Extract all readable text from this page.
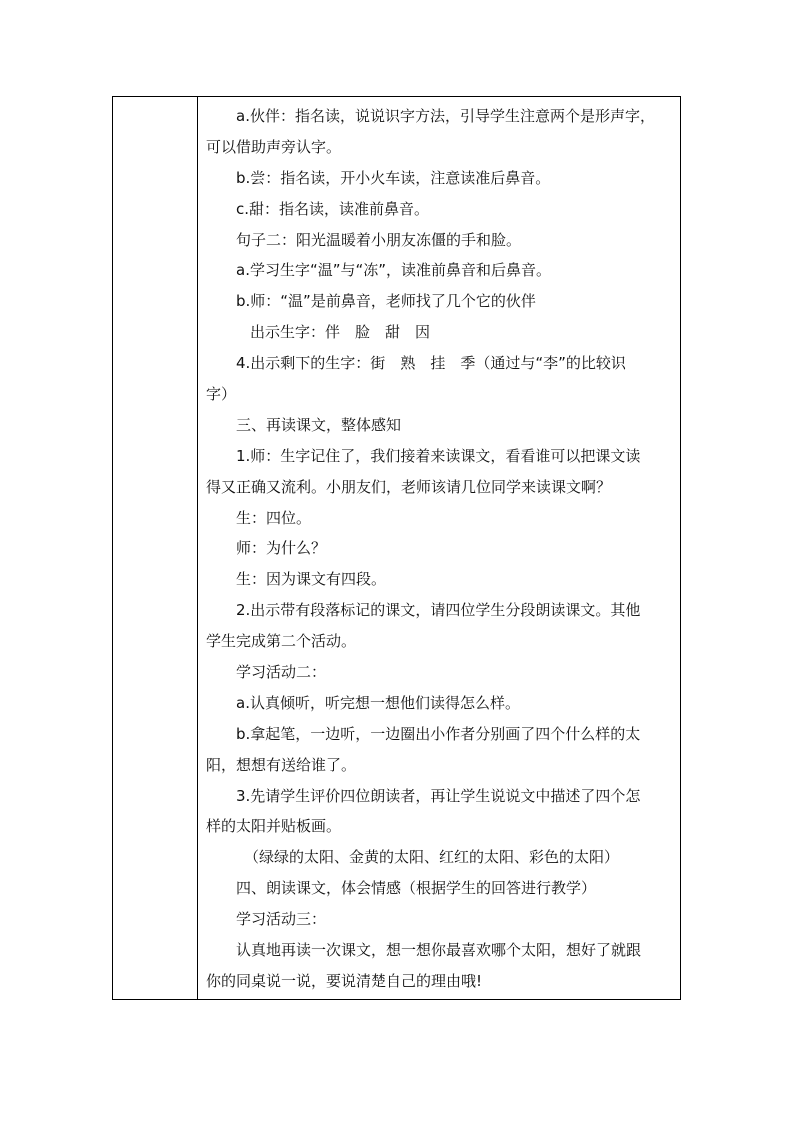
a.伙伴：指名读，说说识字方法，引导学生注意两个是形声字，
可以借助声旁认字。
b.尝：指名读，开小火车读，注意读准后鼻音。
c.甜：指名读，读准前鼻音。
句子二：阳光温暖着小朋友冻僵的手和脸。
a.学习生字“温”与“冻”，读准前鼻音和后鼻音。
b.师：“温”是前鼻音，老师找了几个它的伙伴
出示生字：伴　脸　甜　因
4.出示剩下的生字：街　熟　挂　季（通过与“李”的比较识
字）
三、再读课文，整体感知
1.师：生字记住了，我们接着来读课文，看看谁可以把课文读
得又正确又流利。小朋友们，老师该请几位同学来读课文啊？
生：四位。
师：为什么？
生：因为课文有四段。
2.出示带有段落标记的课文，请四位学生分段朗读课文。其他
学生完成第二个活动。
学习活动二：
a.认真倾听，听完想一想他们读得怎么样。
b.拿起笔，一边听，一边圈出小作者分别画了四个什么样的太
阳，想想有送给谁了。
3.先请学生评价四位朗读者，再让学生说说文中描述了四个怎
样的太阳并贴板画。
（绿绿的太阳、金黄的太阳、红红的太阳、彩色的太阳）
四、朗读课文，体会情感（根据学生的回答进行教学）
学习活动三：
认真地再读一次课文，想一想你最喜欢哪个太阳，想好了就跟
你的同桌说一说，要说清楚自己的理由哦!
